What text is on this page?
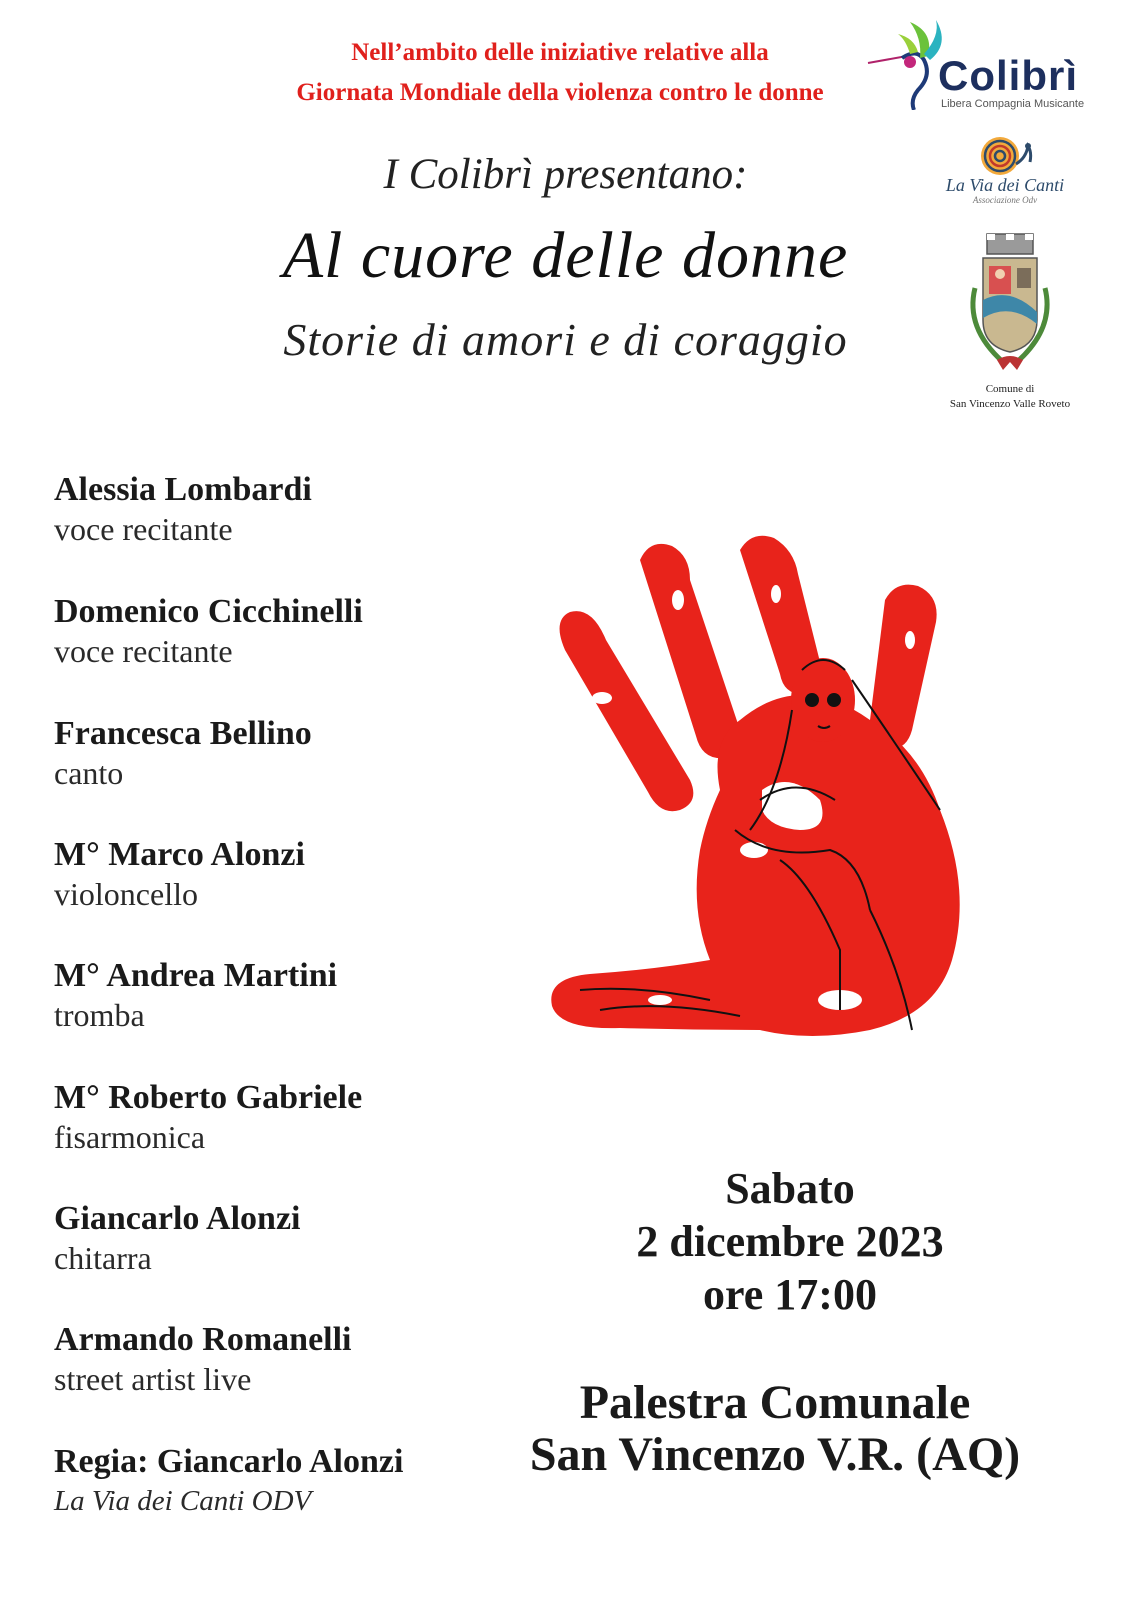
Nell’ambito delle iniziative relative alla
Giornata Mondiale della violenza contro le donne	Colibrì
Libera Compagnia Musicante
La Via dei Canti
Associazione Odv
Comune di
San Vincenzo Valle Roveto
I Colibrì presentano:
Al cuore delle donne
Storie di amori e di coraggio
Alessia Lombardi
voce recitante
Domenico Cicchinelli
voce recitante
Francesca Bellino
canto
M° Marco Alonzi
violoncello
M° Andrea Martini
tromba
M° Roberto Gabriele
fisarmonica
Giancarlo Alonzi
chitarra
Armando Romanelli
street artist live
Regia: Giancarlo Alonzi
La Via dei Canti ODV
Sabato
2 dicembre 2023
ore 17:00
Palestra Comunale
San Vincenzo V.R. (AQ)
